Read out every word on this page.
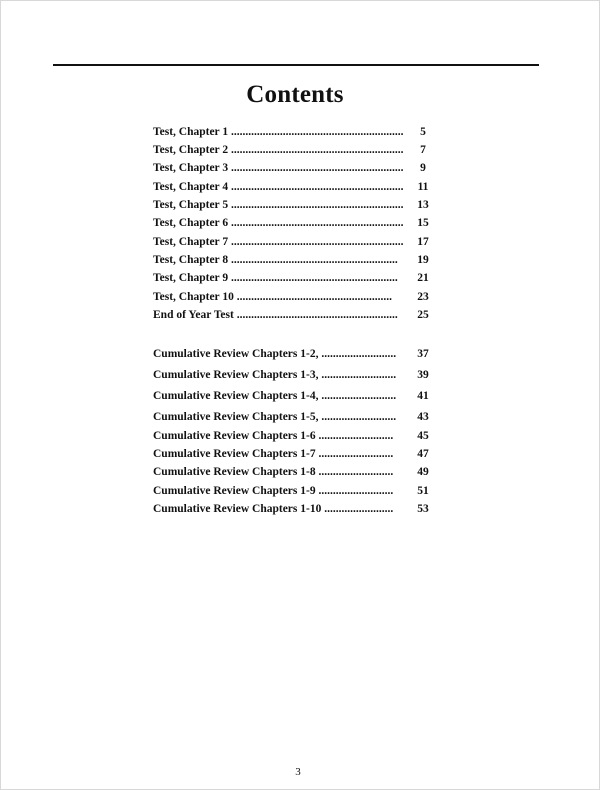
Contents
Test, Chapter 1 ............................................................	5
Test, Chapter 2 ............................................................	7
Test, Chapter 3 ............................................................	9
Test, Chapter 4 ............................................................	11
Test, Chapter 5 ............................................................	13
Test, Chapter 6 ............................................................	15
Test, Chapter 7 ............................................................	17
Test, Chapter 8 ..........................................................	19
Test, Chapter 9 ..........................................................	21
Test, Chapter 10 ......................................................	23
End of Year Test ........................................................	25
Cumulative Review Chapters 1-2, ..........................	37
Cumulative Review Chapters 1-3, ..........................	39
Cumulative Review Chapters 1-4, ..........................	41
Cumulative Review Chapters 1-5, ..........................	43
Cumulative Review Chapters 1-6 ..........................	45
Cumulative Review Chapters 1-7 ..........................	47
Cumulative Review Chapters 1-8 ..........................	49
Cumulative Review Chapters 1-9 ..........................	51
Cumulative Review Chapters 1-10 ........................	53
3
